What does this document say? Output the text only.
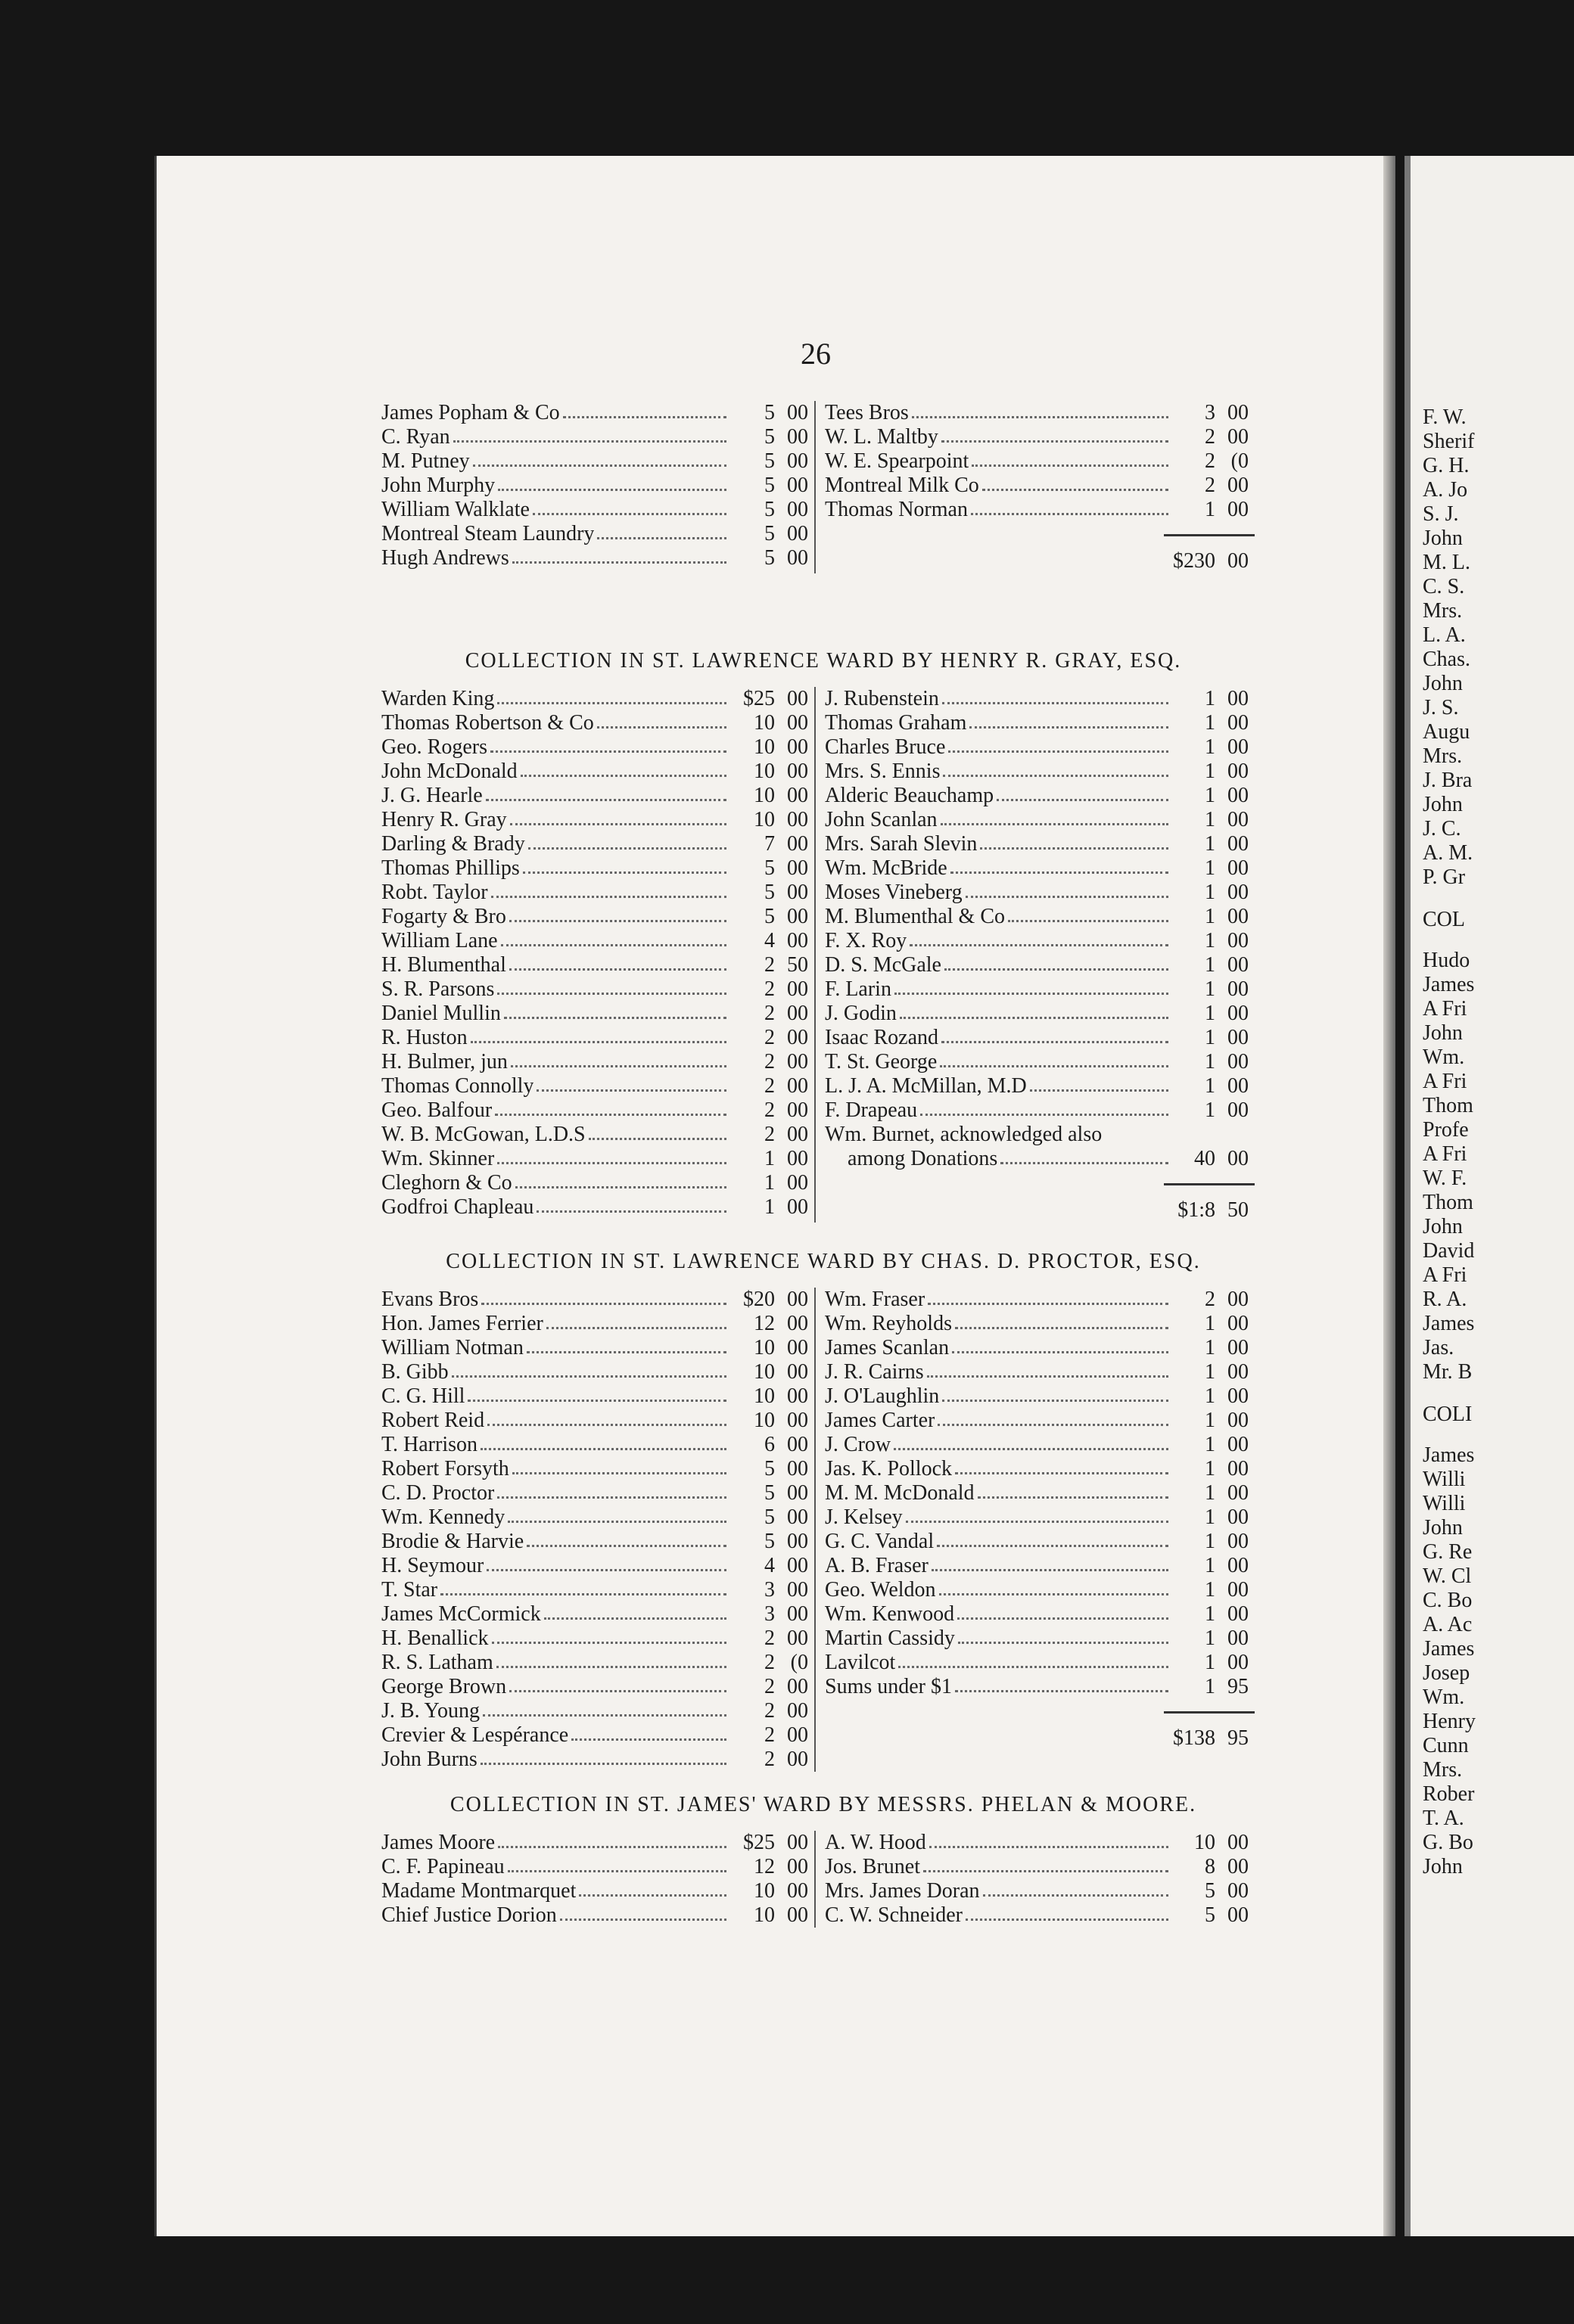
26
James Popham & Co	5 00
C. Ryan	5 00
M. Putney	5 00
John Murphy	5 00
William Walklate	5 00
Montreal Steam Laundry	5 00
Hugh Andrews	5 00
Tees Bros	3 00
W. L. Maltby	2 00
W. E. Spearpoint	2 (0
Montreal Milk Co	2 00
Thomas Norman	1 00
$230 00
COLLECTION IN ST. LAWRENCE WARD BY HENRY R. GRAY, ESQ.
Warden King	$25 00
Thomas Robertson & Co	10 00
Geo. Rogers	10 00
John McDonald	10 00
J. G. Hearle	10 00
Henry R. Gray	10 00
Darling & Brady	7 00
Thomas Phillips	5 00
Robt. Taylor	5 00
Fogarty & Bro	5 00
William Lane	4 00
H. Blumenthal	2 50
S. R. Parsons	2 00
Daniel Mullin	2 00
R. Huston	2 00
H. Bulmer, jun	2 00
Thomas Connolly	2 00
Geo. Balfour	2 00
W. B. McGowan, L.D.S	2 00
Wm. Skinner	1 00
Cleghorn & Co	1 00
Godfroi Chapleau	1 00
J. Rubenstein	1 00
Thomas Graham	1 00
Charles Bruce	1 00
Mrs. S. Ennis	1 00
Alderic Beauchamp	1 00
John Scanlan	1 00
Mrs. Sarah Slevin	1 00
Wm. McBride	1 00
Moses Vineberg	1 00
M. Blumenthal & Co	1 00
F. X. Roy	1 00
D. S. McGale	1 00
F. Larin	1 00
J. Godin	1 00
Isaac Rozand	1 00
T. St. George	1 00
L. J. A. McMillan, M.D	1 00
F. Drapeau	1 00
Wm. Burnet, acknowledged also
among Donations	40 00
$1:8 50
COLLECTION IN ST. LAWRENCE WARD BY CHAS. D. PROCTOR, ESQ.
Evans Bros	$20 00
Hon. James Ferrier	12 00
William Notman	10 00
B. Gibb	10 00
C. G. Hill	10 00
Robert Reid	10 00
T. Harrison	6 00
Robert Forsyth	5 00
C. D. Proctor	5 00
Wm. Kennedy	5 00
Brodie & Harvie	5 00
H. Seymour	4 00
T. Star	3 00
James McCormick	3 00
H. Benallick	2 00
R. S. Latham	2 (0
George Brown	2 00
J. B. Young	2 00
Crevier & Lespérance	2 00
John Burns	2 00
Wm. Fraser	2 00
Wm. Reyholds	1 00
James Scanlan	1 00
J. R. Cairns	1 00
J. O'Laughlin	1 00
James Carter	1 00
J. Crow	1 00
Jas. K. Pollock	1 00
M. M. McDonald	1 00
J. Kelsey	1 00
G. C. Vandal	1 00
A. B. Fraser	1 00
Geo. Weldon	1 00
Wm. Kenwood	1 00
Martin Cassidy	1 00
Lavilcot	1 00
Sums under $1	1 95
$138 95
COLLECTION IN ST. JAMES' WARD BY MESSRS. PHELAN & MOORE.
James Moore	$25 00
C. F. Papineau	12 00
Madame Montmarquet	10 00
Chief Justice Dorion	10 00
A. W. Hood	10 00
Jos. Brunet	8 00
Mrs. James Doran	5 00
C. W. Schneider	5 00
F. W.
Sherif
G. H.
A. Jo
S. J.
John
M. L.
C. S.
Mrs.
L. A.
Chas.
John
J. S.
Augu
Mrs.
J. Bra
John
J. C.
A. M.
P. Gr
COL
Hudo
James
A Fri
John
Wm.
A Fri
Thom
Profe
A Fri
W. F.
Thom
John
David
A Fri
R. A.
James
Jas.
Mr. B
COLI
James
Willi
Willi
John
G. Re
W. Cl
C. Bo
A. Ac
James
Josep
Wm.
Henry
Cunn
Mrs.
Rober
T. A.
G. Bo
John
